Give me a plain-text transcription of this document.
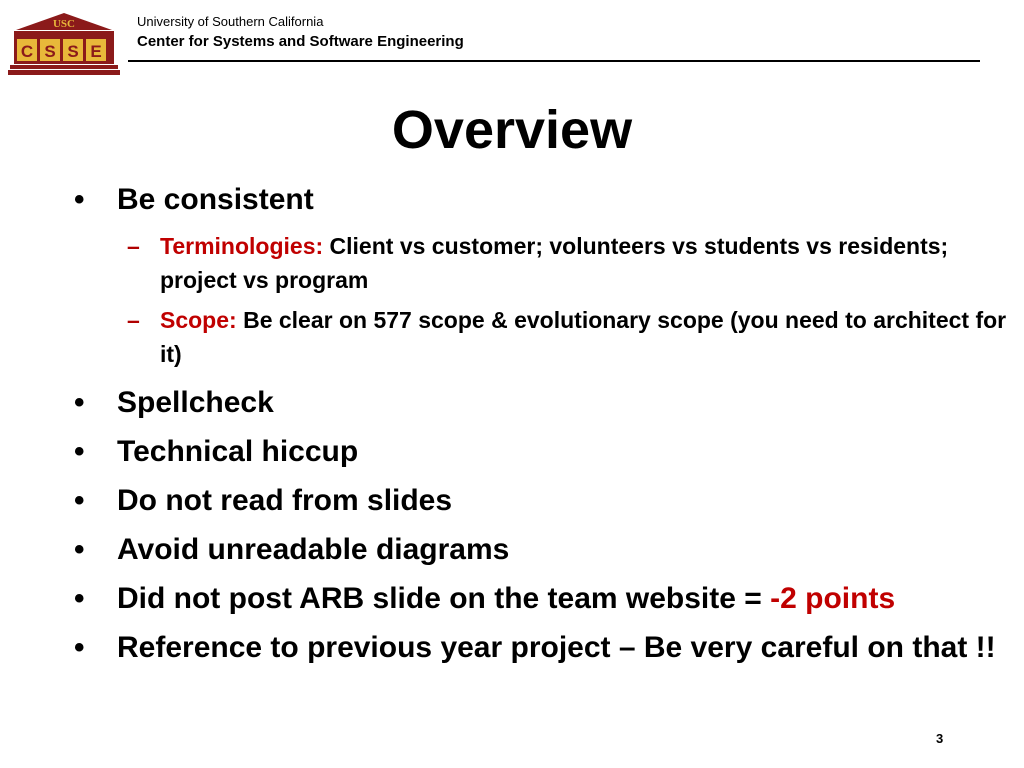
USC
C S S E
University of Southern California
Center for Systems and Software Engineering
Overview
• Be consistent
– Terminologies: Client vs customer; volunteers vs students vs residents; project vs program
– Scope: Be clear on 577 scope & evolutionary scope (you need to architect for it)
• Spellcheck
• Technical hiccup
• Do not read from slides
• Avoid unreadable diagrams
• Did not post ARB slide on the team website = -2 points
• Reference to previous year project – Be very careful on that !!
3
